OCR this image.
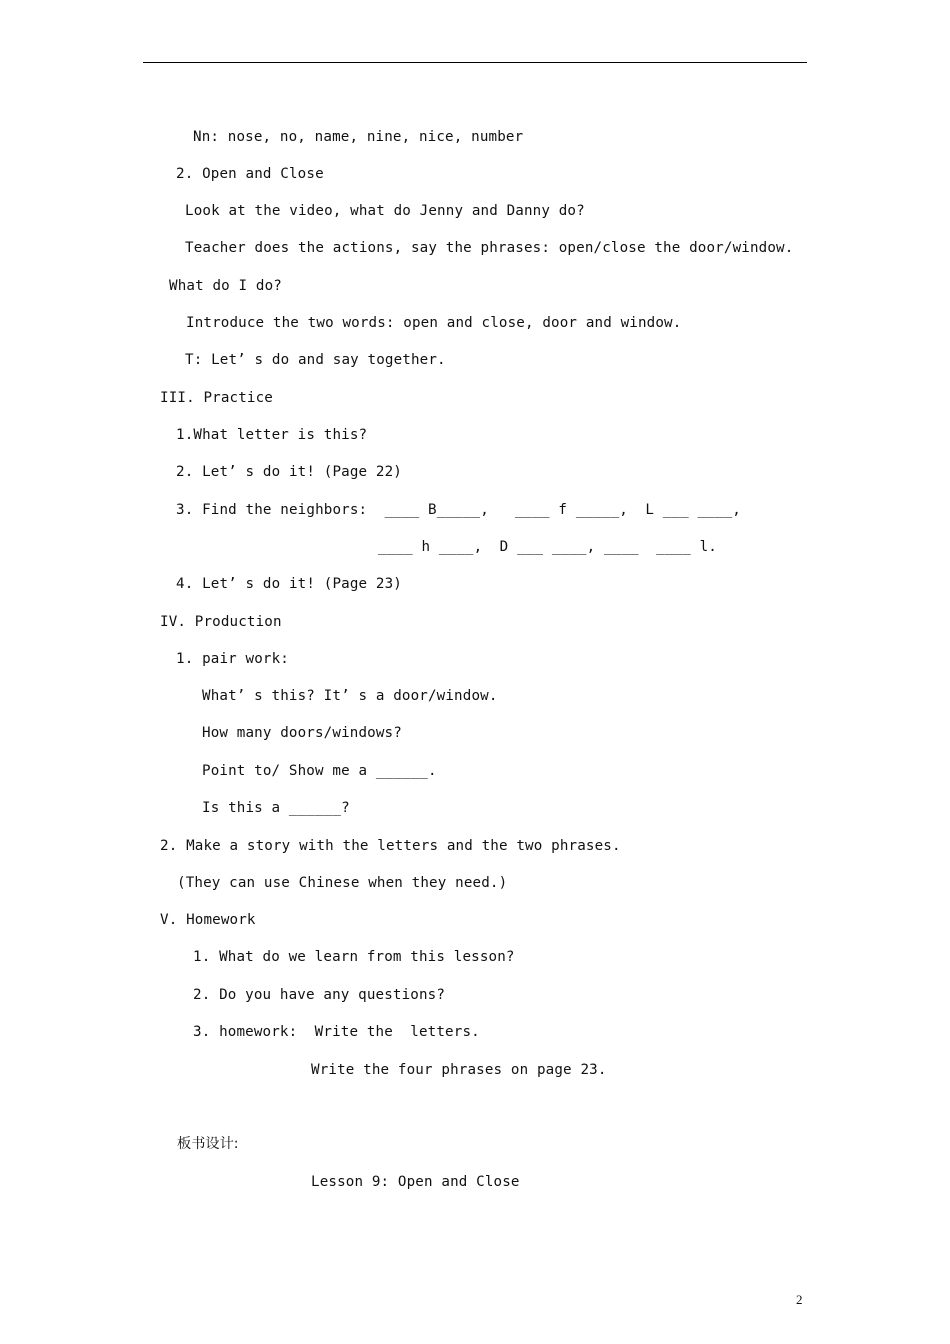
Nn: nose, no, name, nine, nice, number
2. Open and Close
Look at the video, what do Jenny and Danny do?
Teacher does the actions, say the phrases: open/close the door/window.
What do I do?
Introduce the two words: open and close, door and window.
T: Let’ s do and say together.
III. Practice
1.What letter is this?
2. Let’ s do it! (Page 22)
3. Find the neighbors:  ____ B_____,   ____ f _____,  L ___ ____,
____ h ____,  D ___ ____, ____  ____ l.
4. Let’ s do it! (Page 23)
IV. Production
1. pair work:
What’ s this? It’ s a door/window.
How many doors/windows?
Point to/ Show me a ______.
Is this a ______?
2. Make a story with the letters and the two phrases.
(They can use Chinese when they need.)
V. Homework
1. What do we learn from this lesson?
2. Do you have any questions?
3. homework:  Write the  letters.
Write the four phrases on page 23.
板书设计:
Lesson 9: Open and Close
2
